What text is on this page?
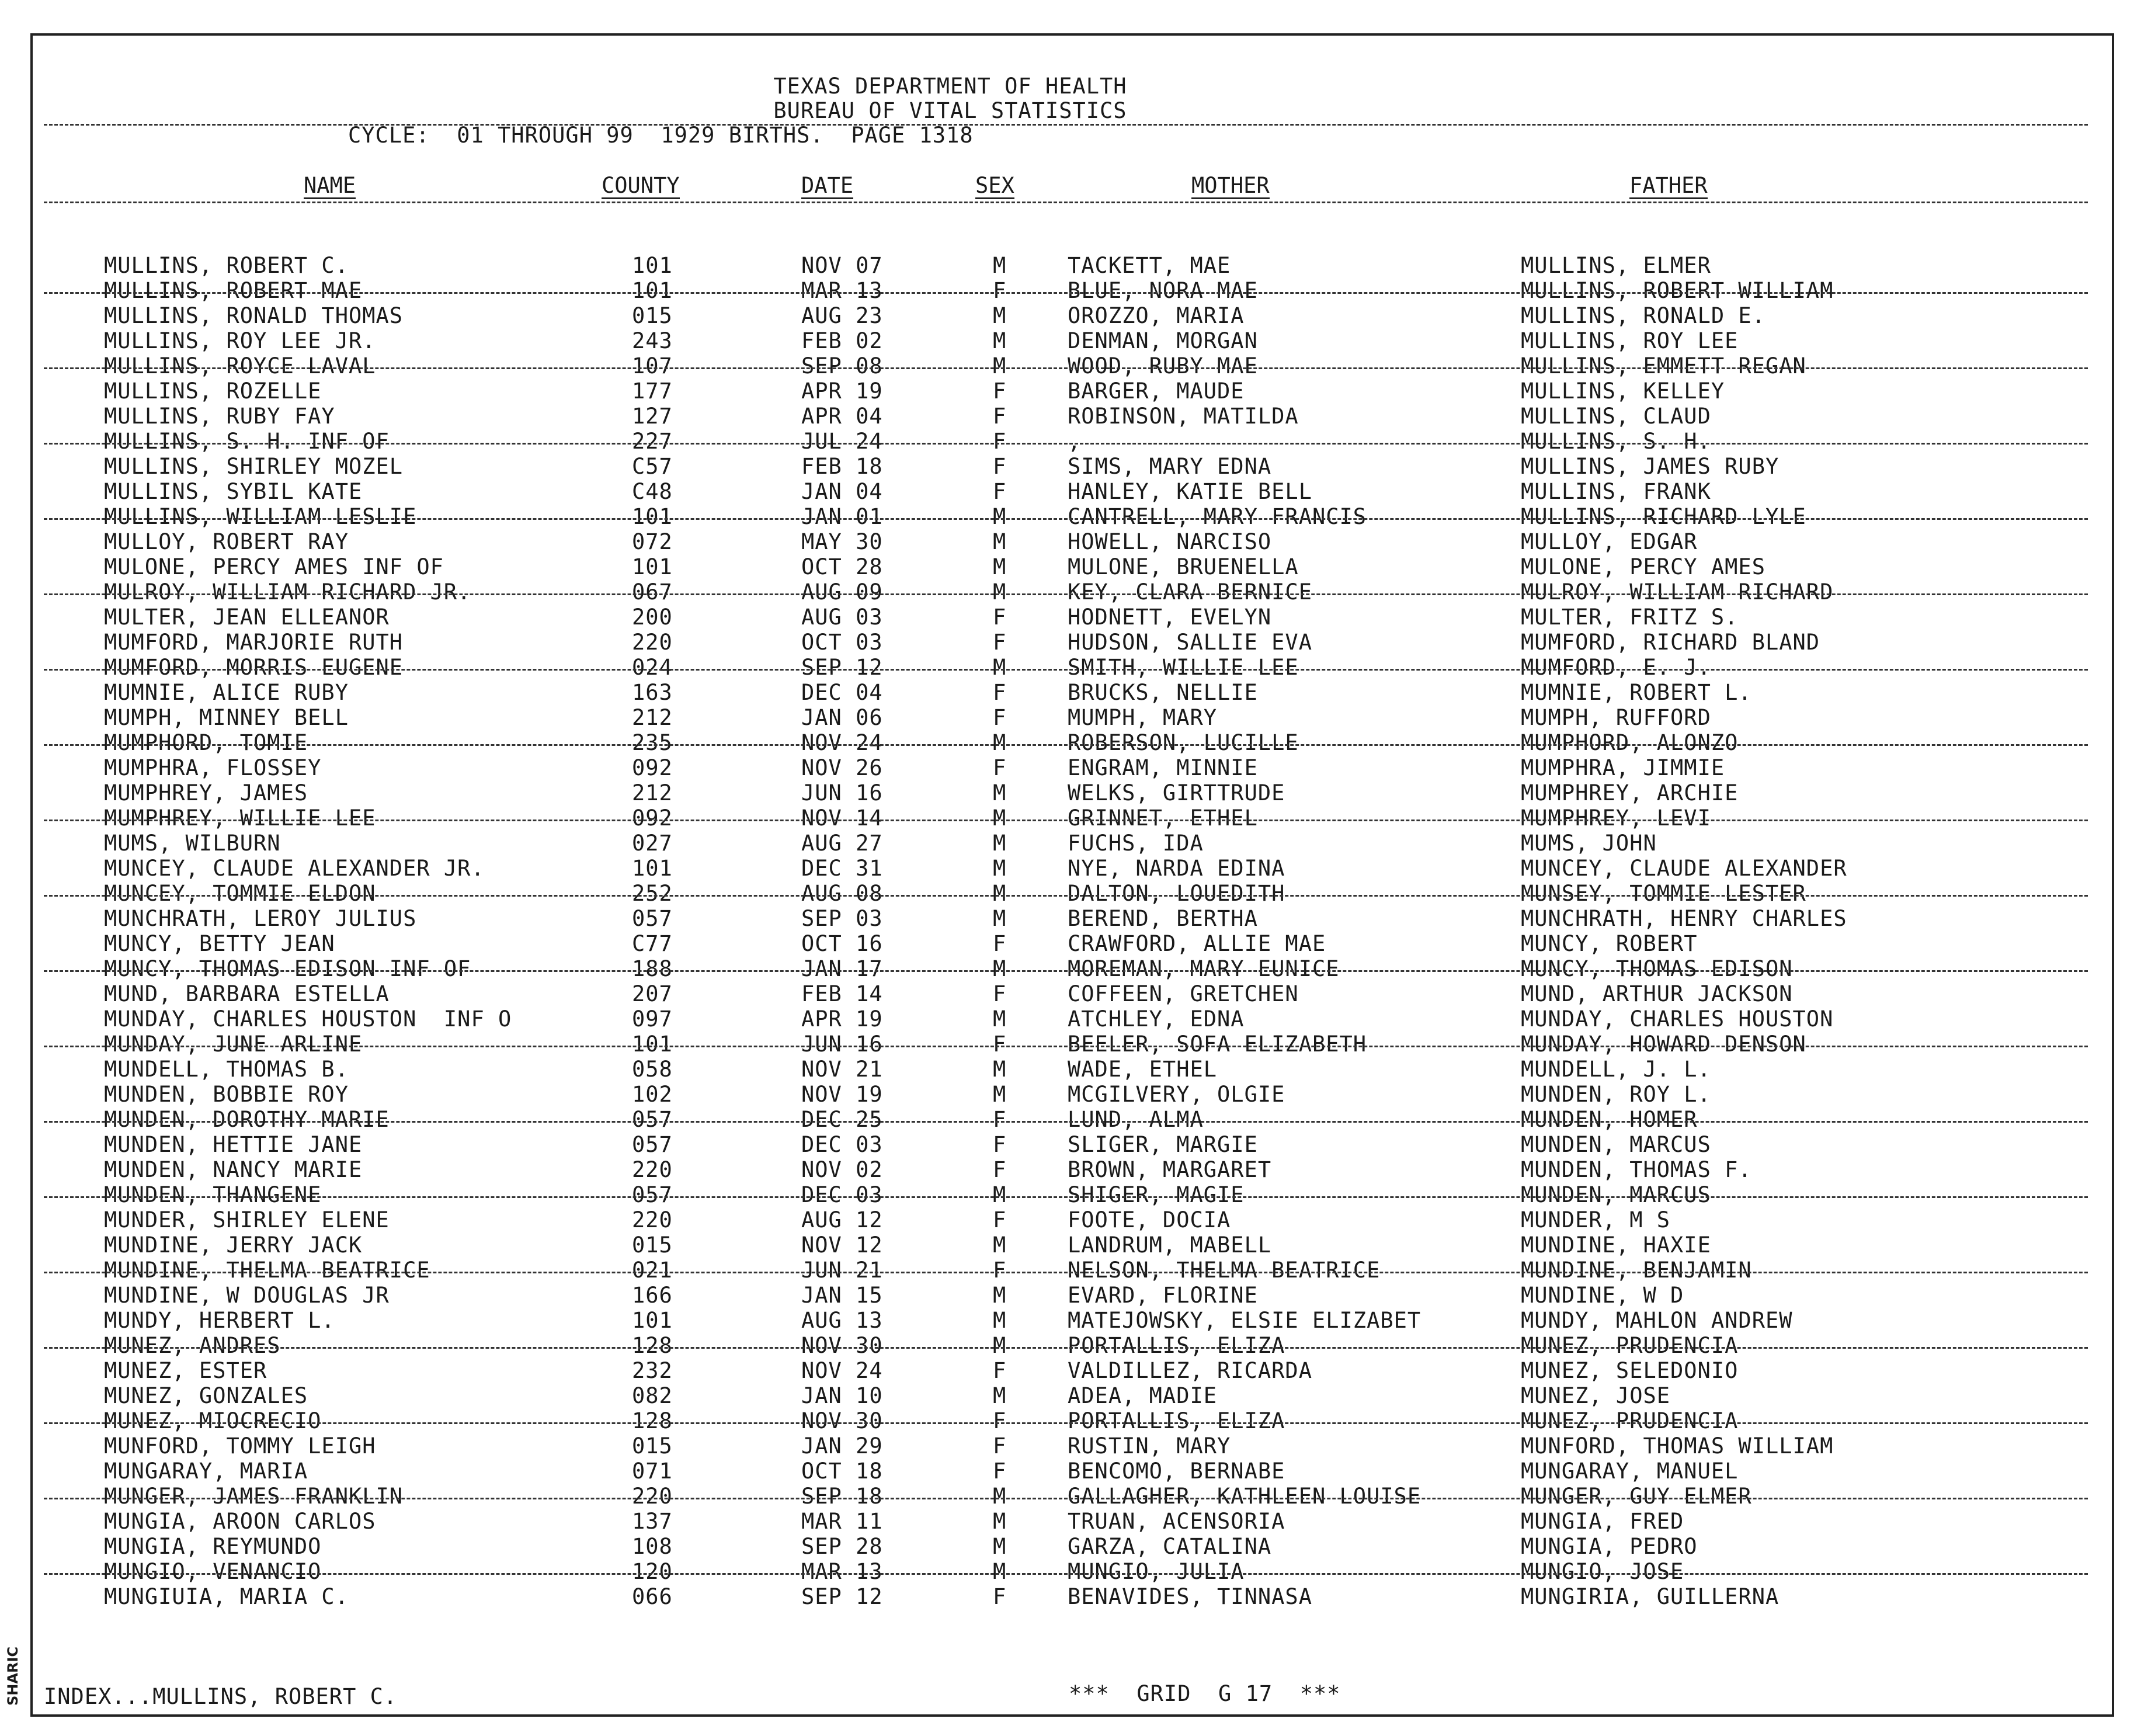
TEXAS DEPARTMENT OF HEALTH
BUREAU OF VITAL STATISTICS
CYCLE:  01 THROUGH 99  1929 BIRTHS.  PAGE 1318
NAME	COUNTY	DATE	SEX	MOTHER	FATHER
MULLINS, ROBERT C.	101	NOV 07	M	TACKETT, MAE	MULLINS, ELMER
MULLINS, ROBERT MAE	101	MAR 13	F	BLUE, NORA MAE	MULLINS, ROBERT WILLIAM
MULLINS, RONALD THOMAS	015	AUG 23	M	OROZZO, MARIA	MULLINS, RONALD E.
MULLINS, ROY LEE JR.	243	FEB 02	M	DENMAN, MORGAN	MULLINS, ROY LEE
MULLINS, ROYCE LAVAL	107	SEP 08	M	WOOD, RUBY MAE	MULLINS, EMMETT REGAN
MULLINS, ROZELLE	177	APR 19	F	BARGER, MAUDE	MULLINS, KELLEY
MULLINS, RUBY FAY	127	APR 04	F	ROBINSON, MATILDA	MULLINS, CLAUD
MULLINS, S. H. INF OF	227	JUL 24	F	,	MULLINS, S. H.
MULLINS, SHIRLEY MOZEL	C57	FEB 18	F	SIMS, MARY EDNA	MULLINS, JAMES RUBY
MULLINS, SYBIL KATE	C48	JAN 04	F	HANLEY, KATIE BELL	MULLINS, FRANK
MULLINS, WILLIAM LESLIE	101	JAN 01	M	CANTRELL, MARY FRANCIS	MULLINS, RICHARD LYLE
MULLOY, ROBERT RAY	072	MAY 30	M	HOWELL, NARCISO	MULLOY, EDGAR
MULONE, PERCY AMES INF OF	101	OCT 28	M	MULONE, BRUENELLA	MULONE, PERCY AMES
MULROY, WILLIAM RICHARD JR.	067	AUG 09	M	KEY, CLARA BERNICE	MULROY, WILLIAM RICHARD
MULTER, JEAN ELLEANOR	200	AUG 03	F	HODNETT, EVELYN	MULTER, FRITZ S.
MUMFORD, MARJORIE RUTH	220	OCT 03	F	HUDSON, SALLIE EVA	MUMFORD, RICHARD BLAND
MUMFORD, MORRIS EUGENE	024	SEP 12	M	SMITH, WILLIE LEE	MUMFORD, E. J.
MUMNIE, ALICE RUBY	163	DEC 04	F	BRUCKS, NELLIE	MUMNIE, ROBERT L.
MUMPH, MINNEY BELL	212	JAN 06	F	MUMPH, MARY	MUMPH, RUFFORD
MUMPHORD, TOMIE	235	NOV 24	M	ROBERSON, LUCILLE	MUMPHORD, ALONZO
MUMPHRA, FLOSSEY	092	NOV 26	F	ENGRAM, MINNIE	MUMPHRA, JIMMIE
MUMPHREY, JAMES	212	JUN 16	M	WELKS, GIRTTRUDE	MUMPHREY, ARCHIE
MUMPHREY, WILLIE LEE	092	NOV 14	M	GRINNET, ETHEL	MUMPHREY, LEVI
MUMS, WILBURN	027	AUG 27	M	FUCHS, IDA	MUMS, JOHN
MUNCEY, CLAUDE ALEXANDER JR.	101	DEC 31	M	NYE, NARDA EDINA	MUNCEY, CLAUDE ALEXANDER
MUNCEY, TOMMIE ELDON	252	AUG 08	M	DALTON, LOUEDITH	MUNSEY, TOMMIE LESTER
MUNCHRATH, LEROY JULIUS	057	SEP 03	M	BEREND, BERTHA	MUNCHRATH, HENRY CHARLES
MUNCY, BETTY JEAN	C77	OCT 16	F	CRAWFORD, ALLIE MAE	MUNCY, ROBERT
MUNCY, THOMAS EDISON INF OF	188	JAN 17	M	MOREMAN, MARY EUNICE	MUNCY, THOMAS EDISON
MUND, BARBARA ESTELLA	207	FEB 14	F	COFFEEN, GRETCHEN	MUND, ARTHUR JACKSON
MUNDAY, CHARLES HOUSTON  INF O	097	APR 19	M	ATCHLEY, EDNA	MUNDAY, CHARLES HOUSTON
MUNDAY, JUNE ARLINE	101	JUN 16	F	BEELER, SOFA ELIZABETH	MUNDAY, HOWARD DENSON
MUNDELL, THOMAS B.	058	NOV 21	M	WADE, ETHEL	MUNDELL, J. L.
MUNDEN, BOBBIE ROY	102	NOV 19	M	MCGILVERY, OLGIE	MUNDEN, ROY L.
MUNDEN, DOROTHY MARIE	057	DEC 25	F	LUND, ALMA	MUNDEN, HOMER
MUNDEN, HETTIE JANE	057	DEC 03	F	SLIGER, MARGIE	MUNDEN, MARCUS
MUNDEN, NANCY MARIE	220	NOV 02	F	BROWN, MARGARET	MUNDEN, THOMAS F.
MUNDEN, THANGENE	057	DEC 03	M	SHIGER, MAGIE	MUNDEN, MARCUS
MUNDER, SHIRLEY ELENE	220	AUG 12	F	FOOTE, DOCIA	MUNDER, M S
MUNDINE, JERRY JACK	015	NOV 12	M	LANDRUM, MABELL	MUNDINE, HAXIE
MUNDINE, THELMA BEATRICE	021	JUN 21	F	NELSON, THELMA BEATRICE	MUNDINE, BENJAMIN
MUNDINE, W DOUGLAS JR	166	JAN 15	M	EVARD, FLORINE	MUNDINE, W D
MUNDY, HERBERT L.	101	AUG 13	M	MATEJOWSKY, ELSIE ELIZABET	MUNDY, MAHLON ANDREW
MUNEZ, ANDRES	128	NOV 30	M	PORTALLIS, ELIZA	MUNEZ, PRUDENCIA
MUNEZ, ESTER	232	NOV 24	F	VALDILLEZ, RICARDA	MUNEZ, SELEDONIO
MUNEZ, GONZALES	082	JAN 10	M	ADEA, MADIE	MUNEZ, JOSE
MUNEZ, MIOCRECIO	128	NOV 30	F	PORTALLIS, ELIZA	MUNEZ, PRUDENCIA
MUNFORD, TOMMY LEIGH	015	JAN 29	F	RUSTIN, MARY	MUNFORD, THOMAS WILLIAM
MUNGARAY, MARIA	071	OCT 18	F	BENCOMO, BERNABE	MUNGARAY, MANUEL
MUNGER, JAMES FRANKLIN	220	SEP 18	M	GALLAGHER, KATHLEEN LOUISE	MUNGER, GUY ELMER
MUNGIA, AROON CARLOS	137	MAR 11	M	TRUAN, ACENSORIA	MUNGIA, FRED
MUNGIA, REYMUNDO	108	SEP 28	M	GARZA, CATALINA	MUNGIA, PEDRO
MUNGIO, VENANCIO	120	MAR 13	M	MUNGIO, JULIA	MUNGIO, JOSE
MUNGIUIA, MARIA C.	066	SEP 12	F	BENAVIDES, TINNASA	MUNGIRIA, GUILLERNA
INDEX...MULLINS, ROBERT C.	***  GRID  G 17  ***
SHARIC
